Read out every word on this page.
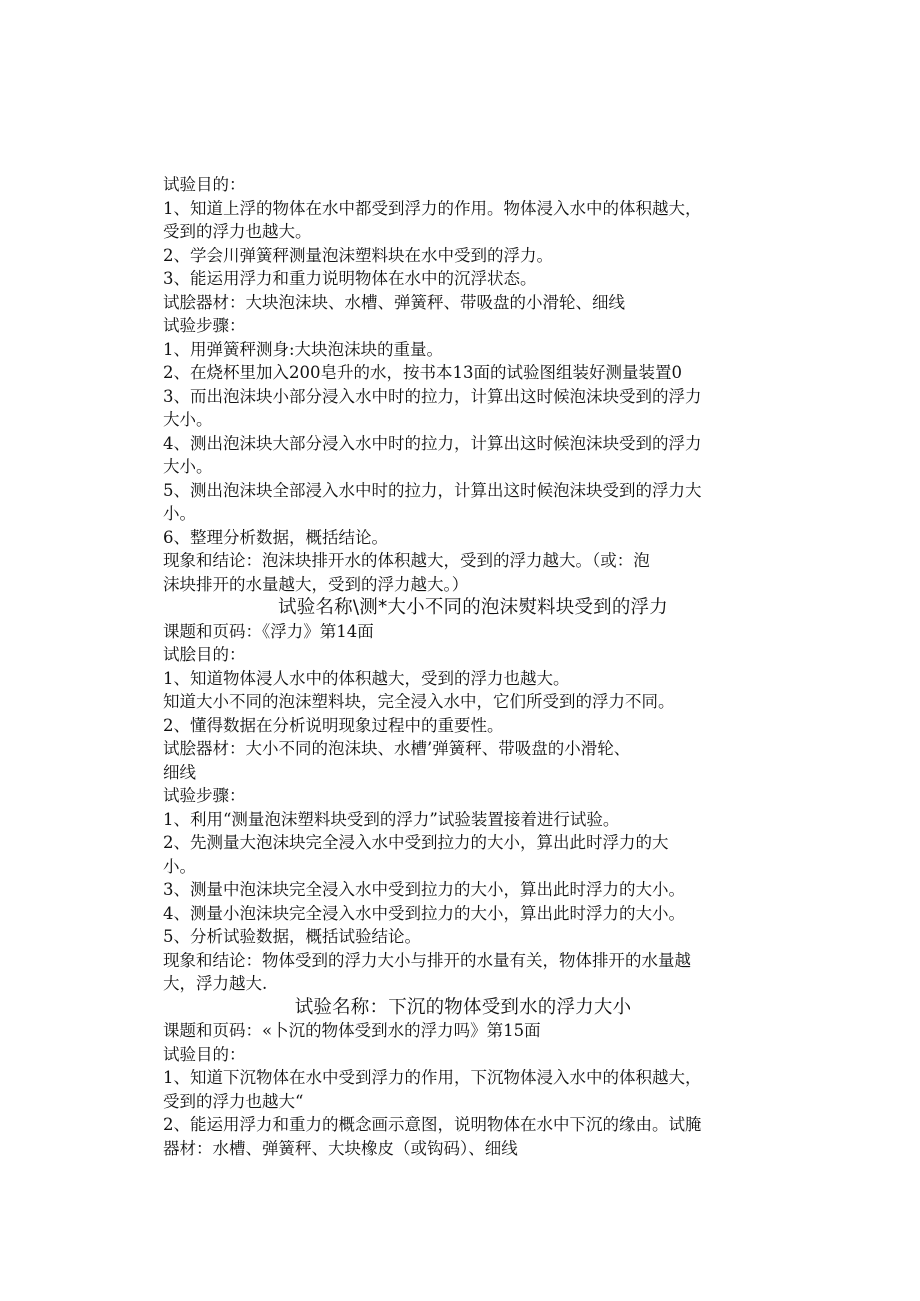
试验目的：
1、知道上浮的物体在水中都受到浮力的作用。物体浸入水中的体积越大，
受到的浮力也越大。
2、学会川弹簧秤测量泡沫塑料块在水中受到的浮力。
3、能运用浮力和重力说明物体在水中的沉浮状态。
试脍器材：大块泡沫块、水槽、弹簧秤、带吸盘的小滑轮、细线
试验步骤：
1、用弹簧秤测身:大块泡沫块的重量。
2、在烧杯里加入200皂升的水，按书本13面的试验图组装好测量装置0
3、而出泡沫块小部分浸入水中时的拉力，计算出这时候泡沫块受到的浮力
大小。
4、测出泡沫块大部分浸入水中时的拉力，计算出这时候泡沫块受到的浮力
大小。
5、测出泡沫块全部浸入水中时的拉力，计算出这时候泡沫块受到的浮力大
小。
6、整理分析数据，概括结论。
现象和结论：泡沫块排开水的体积越大，受到的浮力越大。（或：泡
沫块排开的水量越大，受到的浮力越大。）
试验名称\测*大小不同的泡沫熨料块受到的浮力
课题和页码：《浮力》第14面
试脍目的：
1、知道物体浸人水中的体积越大，受到的浮力也越大。
知道大小不同的泡沫塑料块，完全浸入水中，它们所受到的浮力不同。
2、懂得数据在分析说明现象过程中的重要性。
试脍器材：大小不同的泡沫块、水槽’弹簧秤、带吸盘的小滑轮、
细线
试验步骤：
1、利用“测量泡沫塑料块受到的浮力”试验装置接着进行试验。
2、先测量大泡沫块完全浸入水中受到拉力的大小，算出此时浮力的大
小。
3、测量中泡沫块完全浸入水中受到拉力的大小，算出此时浮力的大小。
4、测量小泡沫块完全浸入水中受到拉力的大小，算出此时浮力的大小。
5、分析试验数据，概括试验结论。
现象和结论：物体受到的浮力大小与排开的水量有关，物体排开的水量越
大，浮力越大.
试验名称：下沉的物体受到水的浮力大小
课题和页码：«卜沉的物体受到水的浮力吗》第15面
试验目的：
1、知道下沉物体在水中受到浮力的作用，下沉物体浸入水中的体积越大，
受到的浮力也越大“
2、能运用浮力和重力的概念画示意图，说明物体在水中下沉的缘由。试腌
器材：水槽、弹簧秤、大块橡皮（或钩码）、细线
